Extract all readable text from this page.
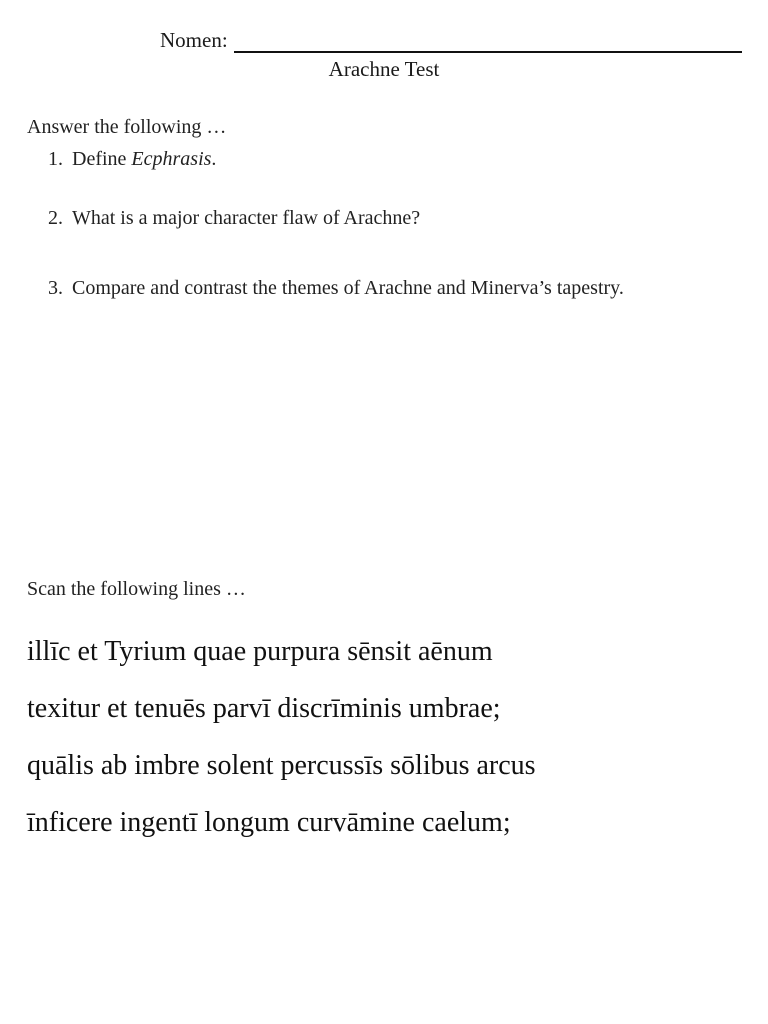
Nomen:
Arachne Test
Answer the following …
1. Define Ecphrasis.
2. What is a major character flaw of Arachne?
3. Compare and contrast the themes of Arachne and Minerva’s tapestry.
Scan the following lines …
illīc et Tyrium quae purpura sēnsit aēnum
texitur et tenuēs parvī discrīminis umbrae;
quālis ab imbre solent percussīs sōlibus arcus
īnficere ingentī longum curvāmine caelum;
